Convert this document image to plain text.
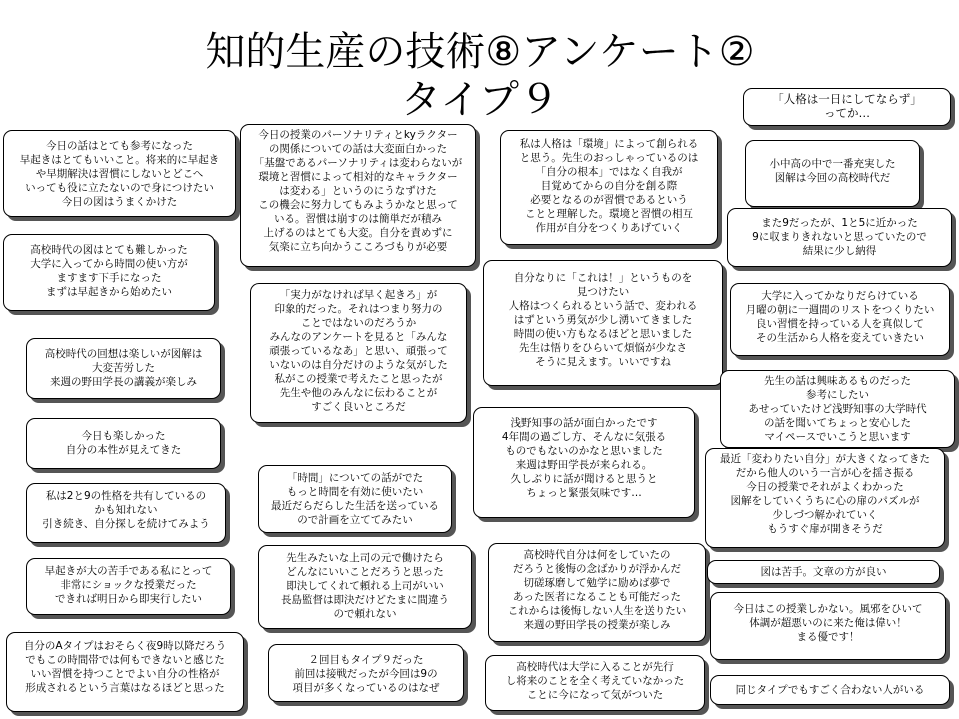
知的生産の技術⑧アンケート②
タイプ９
今日の話はとても参考になった
早起きはとてもいいこと。将来的に早起き
や早期解決は習慣にしないとどこへ
いっても役に立たないので身につけたい
今日の図はうまくかけた
高校時代の図はとても難しかった
大学に入ってから時間の使い方が
ますます下手になった
まずは早起きから始めたい
高校時代の回想は楽しいが図解は
大変苦労した
来週の野田学長の講義が楽しみ
今日も楽しかった
自分の本性が見えてきた
私は2と9の性格を共有しているの
かも知れない
引き続き、自分探しを続けてみよう
早起きが大の苦手である私にとって
非常にショックな授業だった
できれば明日から即実行したい
自分のAタイプはおそらく夜9時以降だろう
でもこの時間帯では何もできないと感じた
いい習慣を持つことでよい自分の性格が
形成されるという言葉はなるほどと思った
今日の授業のパーソナリティとkyラクター
の関係についての話は大変面白かった
「基盤であるパーソナリティは変わらないが
環境と習慣によって相対的なキャラクター
は変わる」というのにうなずけた
この機会に努力してもみようかなと思って
いる。習慣は崩すのは簡単だが積み
上げるのはとても大変。自分を責めずに
気楽に立ち向かうこころづもりが必要
「実力がなければ早く起きろ」が
印象的だった。それはつまり努力の
ことではないのだろうか
みんなのアンケートを見ると「みんな
頑張っているなあ」と思い、頑張って
いないのは自分だけのような気がした
私がこの授業で考えたこと思ったが
先生や他のみんなに伝わることが
すごく良いところだ
「時間」についての話がでた
もっと時間を有効に使いたい
最近だらだらした生活を送っている
ので計画を立ててみたい
先生みたいな上司の元で働けたら
どんなにいいことだろうと思った
即決してくれて頼れる上司がいい
長島監督は即決だけどたまに間違う
ので頼れない
２回目もタイプ９だった
前回は接戦だったが今回は9の
項目が多くなっているのはなぜ
私は人格は「環境」によって創られる
と思う。先生のおっしゃっているのは
「自分の根本」ではなく自我が
目覚めてからの自分を創る際
必要となるのが習慣であるという
ことと理解した。環境と習慣の相互
作用が自分をつくりあげていく
自分なりに「これは！」というものを
見つけたい
人格はつくられるという話で、変われる
はずという勇気が少し湧いてきました
時間の使い方もなるほどと思いました
先生は悟りをひらいて煩悩が少なさ
そうに見えます。いいですね
浅野知事の話が面白かったです
4年間の過ごし方、そんなに気張る
ものでもないのかなと思いました
来週は野田学長が来られる。
久しぶりに話が聞けると思うと
ちょっと緊張気味です…
高校時代自分は何をしていたの
だろうと後悔の念ばかりが浮かんだ
切磋琢磨して勉学に励めば夢で
あった医者になることも可能だった
これからは後悔しない人生を送りたい
来週の野田学長の授業が楽しみ
高校時代は大学に入ることが先行
し将来のことを全く考えていなかった
ことに今になって気がついた
「人格は一日にしてならず」
ってか…
小中高の中で一番充実した
図解は今回の高校時代だ
また9だったが、1と5に近かった
9に収まりきれないと思っていたので
結果に少し納得
大学に入ってかなりだらけている
月曜の朝に一週間のリストをつくりたい
良い習慣を持っている人を真似して
その生活から人格を変えていきたい
先生の話は興味あるものだった
参考にしたい
あせっていたけど浅野知事の大学時代
の話を聞いてちょっと安心した
マイペースでいこうと思います
最近「変わりたい自分」が大きくなってきた
だから他人のいう一言が心を揺さ振る
今日の授業でそれがよくわかった
図解をしていくうちに心の扉のパズルが
少しづつ解かれていく
もうすぐ扉が開きそうだ
図は苦手。文章の方が良い
今日はこの授業しかない。風邪をひいて
体調が超悪いのに来た俺は偉い！
まる優です！
同じタイプでもすごく合わない人がいる
